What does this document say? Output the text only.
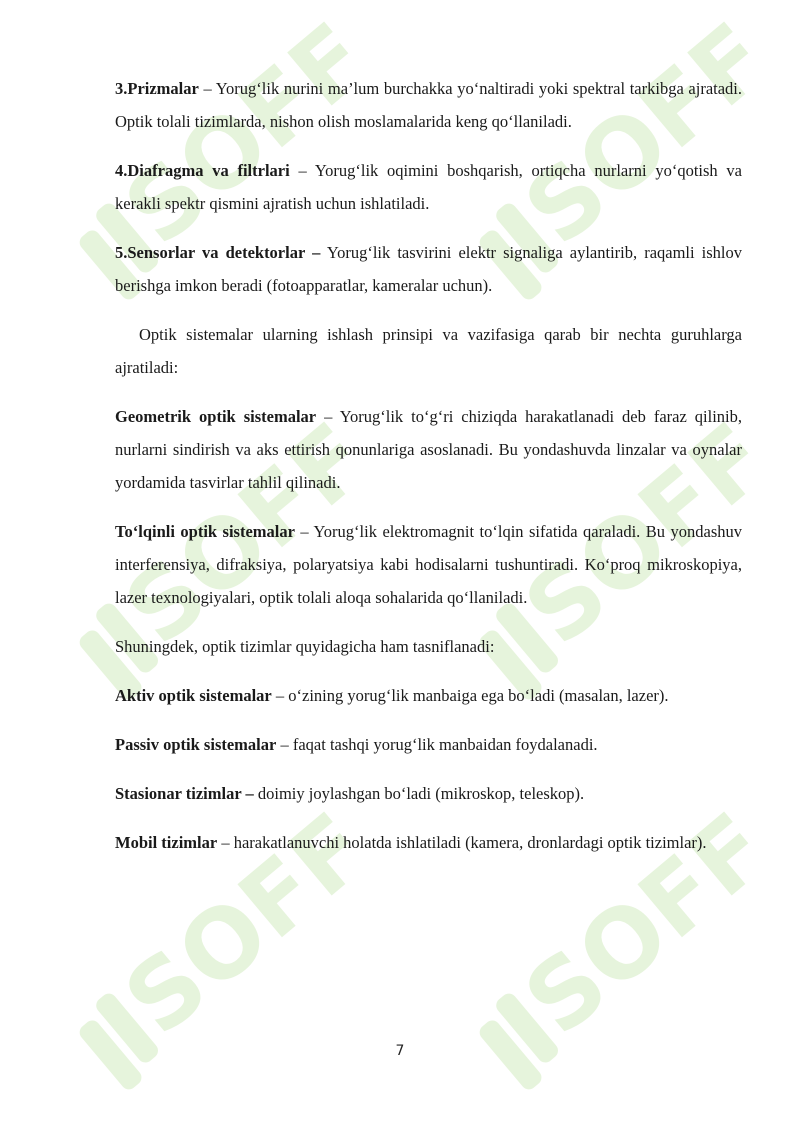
SOFF SOFF
SOFF SOFF
SOFF SOFF

3.Prizmalar – Yorug‘lik nurini ma’lum burchakka yo‘naltiradi yoki spektral tarkibga ajratadi. Optik tolali tizimlarda, nishon olish moslamalarida keng qo‘llaniladi.

4.Diafragma va filtrlari – Yorug‘lik oqimini boshqarish, ortiqcha nurlarni yo‘qotish va kerakli spektr qismini ajratish uchun ishlatiladi.

5.Sensorlar va detektorlar – Yorug‘lik tasvirini elektr signaliga aylantirib, raqamli ishlov berishga imkon beradi (fotoapparatlar, kameralar uchun).

Optik sistemalar ularning ishlash prinsipi va vazifasiga qarab bir nechta guruhlarga ajratiladi:

Geometrik optik sistemalar – Yorug‘lik to‘g‘ri chiziqda harakatlanadi deb faraz qilinib, nurlarni sindirish va aks ettirish qonunlariga asoslanadi. Bu yondashuvda linzalar va oynalar yordamida tasvirlar tahlil qilinadi.

To‘lqinli optik sistemalar – Yorug‘lik elektromagnit to‘lqin sifatida qaraladi. Bu yondashuv interferensiya, difraksiya, polaryatsiya kabi hodisalarni tushuntiradi. Ko‘proq mikroskopiya, lazer texnologiyalari, optik tolali aloqa sohalarida qo‘llaniladi.

Shuningdek, optik tizimlar quyidagicha ham tasniflanadi:

Aktiv optik sistemalar – o‘zining yorug‘lik manbaiga ega bo‘ladi (masalan, lazer).

Passiv optik sistemalar – faqat tashqi yorug‘lik manbaidan foydalanadi.

Stasionar tizimlar – doimiy joylashgan bo‘ladi (mikroskop, teleskop).

Mobil tizimlar – harakatlanuvchi holatda ishlatiladi (kamera, dronlardagi optik tizimlar).

7
